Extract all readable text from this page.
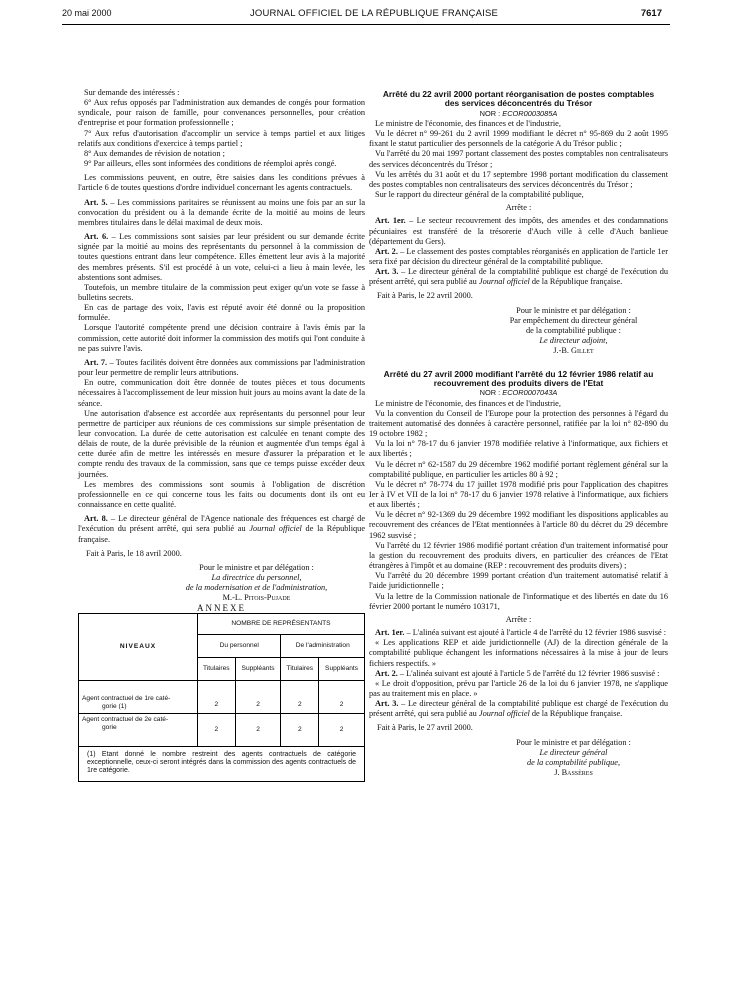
20 mai 2000	JOURNAL OFFICIEL DE LA RÉPUBLIQUE FRANÇAISE	7617

Sur demande des intéressés :

6° Aux refus opposés par l'administration aux demandes de congés pour formation syndicale, pour raison de famille, pour convenances personnelles, pour création d'entreprise et pour formation professionnelle ;

7° Aux refus d'autorisation d'accomplir un service à temps partiel et aux litiges relatifs aux conditions d'exercice à temps partiel ;

8° Aux demandes de révision de notation ;

9° Par ailleurs, elles sont informées des conditions de réemploi après congé.

Les commissions peuvent, en outre, être saisies dans les conditions prévues à l'article 6 de toutes questions d'ordre individuel concernant les agents contractuels.

Art. 5. – Les commissions paritaires se réunissent au moins une fois par an sur la convocation du président ou à la demande écrite de la moitié au moins de leurs membres titulaires dans le délai maximal de deux mois.

Art. 6. – Les commissions sont saisies par leur président ou sur demande écrite signée par la moitié au moins des représentants du personnel à la commission de toutes questions entrant dans leur compétence. Elles émettent leur avis à la majorité des membres présents. S'il est procédé à un vote, celui-ci a lieu à main levée, les abstentions sont admises.

Toutefois, un membre titulaire de la commission peut exiger qu'un vote se fasse à bulletins secrets.

En cas de partage des voix, l'avis est réputé avoir été donné ou la proposition formulée.

Lorsque l'autorité compétente prend une décision contraire à l'avis émis par la commission, cette autorité doit informer la commission des motifs qui l'ont conduite à ne pas suivre l'avis.

Art. 7. – Toutes facilités doivent être données aux commissions par l'administration pour leur permettre de remplir leurs attributions.

En outre, communication doit être donnée de toutes pièces et tous documents nécessaires à l'accomplissement de leur mission huit jours au moins avant la date de la séance.

Une autorisation d'absence est accordée aux représentants du personnel pour leur permettre de participer aux réunions de ces commissions sur simple présentation de leur convocation. La durée de cette autorisation est calculée en tenant compte des délais de route, de la durée prévisible de la réunion et augmentée d'un temps égal à cette durée afin de mettre les intéressés en mesure d'assurer la préparation et le compte rendu des travaux de la commission, sans que ce temps puisse excéder deux journées.

Les membres des commissions sont soumis à l'obligation de discrétion professionnelle en ce qui concerne tous les faits ou documents dont ils ont eu connaissance en cette qualité.

Art. 8. – Le directeur général de l'Agence nationale des fréquences est chargé de l'exécution du présent arrêté, qui sera publié au Journal officiel de la République française.

Fait à Paris, le 18 avril 2000.

Pour le ministre et par délégation :
La directrice du personnel,
de la modernisation et de l'administration,
M.-L. Pitois-Pujade

ANNEXE

NIVEAUX	NOMBRE DE REPRÉSENTANTS			
	Du personnel		De l'administration	
	Titulaires	Suppléants	Titulaires	Suppléants

Agent contractuel de 1re caté-
gorie (1)	2	2	2	2

Agent contractuel de 2e caté-
gorie	2	2	2	2
(1) Etant donné le nombre restreint des agents contractuels de catégorie exceptionnelle, ceux-ci seront intégrés dans la commission des agents contractuels de 1re catégorie.
Arrêté du 22 avril 2000 portant réorganisation de postes comptables des services déconcentrés du Trésor

NOR : ECOR0003085A

Le ministre de l'économie, des finances et de l'industrie,

Vu le décret n° 99-261 du 2 avril 1999 modifiant le décret n° 95-869 du 2 août 1995 fixant le statut particulier des personnels de la catégorie A du Trésor public ;

Vu l'arrêté du 20 mai 1997 portant classement des postes comptables non centralisateurs des services déconcentrés du Trésor ;

Vu les arrêtés du 31 août et du 17 septembre 1998 portant modification du classement des postes comptables non centralisateurs des services déconcentrés du Trésor ;

Sur le rapport du directeur général de la comptabilité publique,

Arrête :

Art. 1er. – Le secteur recouvrement des impôts, des amendes et des condamnations pécuniaires est transféré de la trésorerie d'Auch ville à celle d'Auch banlieue (département du Gers).

Art. 2. – Le classement des postes comptables réorganisés en application de l'article 1er sera fixé par décision du directeur général de la comptabilité publique.

Art. 3. – Le directeur général de la comptabilité publique est chargé de l'exécution du présent arrêté, qui sera publié au Journal officiel de la République française.

Fait à Paris, le 22 avril 2000.

Pour le ministre et par délégation :
Par empêchement du directeur général
de la comptabilité publique :
Le directeur adjoint,
J.-B. Gillet
Arrêté du 27 avril 2000 modifiant l'arrêté du 12 février 1986 relatif au recouvrement des produits divers de l'Etat

NOR : ECOR0007043A

Le ministre de l'économie, des finances et de l'industrie,

Vu la convention du Conseil de l'Europe pour la protection des personnes à l'égard du traitement automatisé des données à caractère personnel, ratifiée par la loi n° 82-890 du 19 octobre 1982 ;

Vu la loi n° 78-17 du 6 janvier 1978 modifiée relative à l'informatique, aux fichiers et aux libertés ;

Vu le décret n° 62-1587 du 29 décembre 1962 modifié portant règlement général sur la comptabilité publique, en particulier les articles 80 à 92 ;

Vu le décret n° 78-774 du 17 juillet 1978 modifié pris pour l'application des chapitres Ier à IV et VII de la loi n° 78-17 du 6 janvier 1978 relative à l'informatique, aux fichiers et aux libertés ;

Vu le décret n° 92-1369 du 29 décembre 1992 modifiant les dispositions applicables au recouvrement des créances de l'Etat mentionnées à l'article 80 du décret du 29 décembre 1962 susvisé ;

Vu l'arrêté du 12 février 1986 modifié portant création d'un traitement informatisé pour la gestion du recouvrement des produits divers, en particulier des créances de l'Etat étrangères à l'impôt et au domaine (REP : recouvrement des produits divers) ;

Vu l'arrêté du 20 décembre 1999 portant création d'un traitement automatisé relatif à l'aide juridictionnelle ;

Vu la lettre de la Commission nationale de l'informatique et des libertés en date du 16 février 2000 portant le numéro 103171,

Arrête :

Art. 1er. – L'alinéa suivant est ajouté à l'article 4 de l'arrêté du 12 février 1986 susvisé :

« Les applications REP et aide juridictionnelle (AJ) de la direction générale de la comptabilité publique échangent les informations nécessaires à la mise à jour de leurs fichiers respectifs. »

Art. 2. – L'alinéa suivant est ajouté à l'article 5 de l'arrêté du 12 février 1986 susvisé :

« Le droit d'opposition, prévu par l'article 26 de la loi du 6 janvier 1978, ne s'applique pas au traitement mis en place. »

Art. 3. – Le directeur général de la comptabilité publique est chargé de l'exécution du présent arrêté, qui sera publié au Journal officiel de la République française.

Fait à Paris, le 27 avril 2000.

Pour le ministre et par délégation :
Le directeur général
de la comptabilité publique,
J. Bassères
